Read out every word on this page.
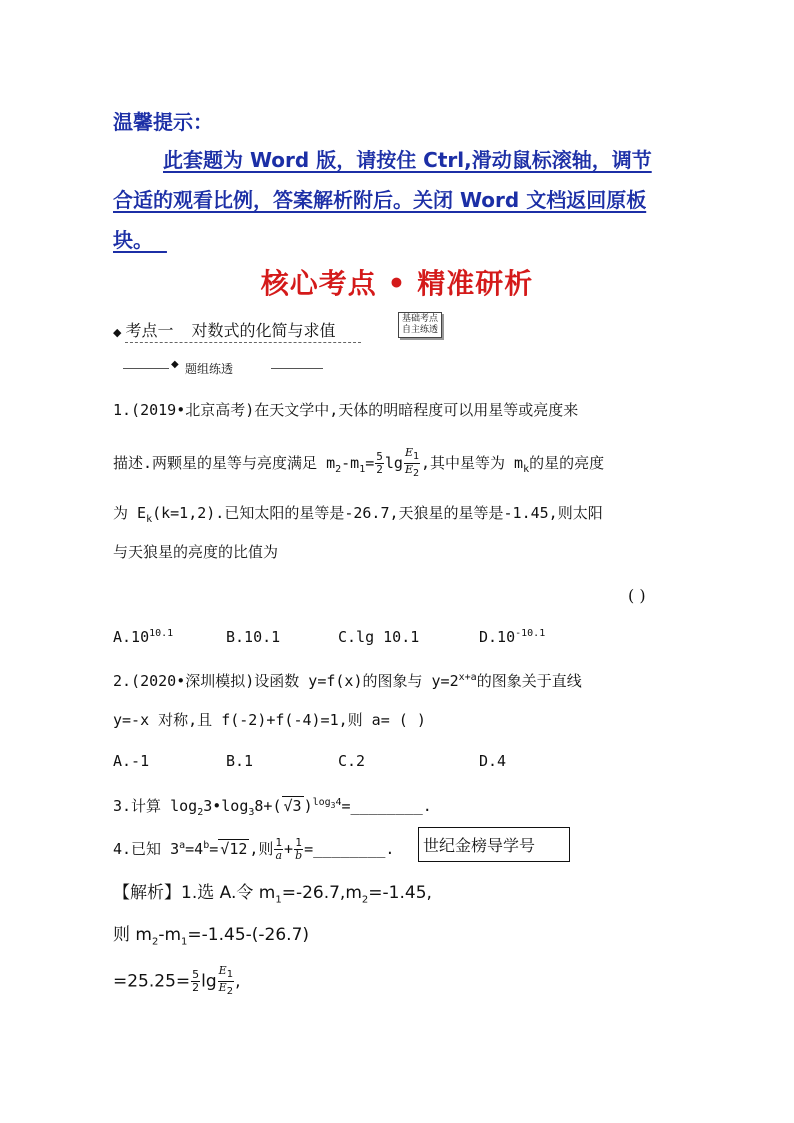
温馨提示：
此套题为 Word 版，请按住 Ctrl,滑动鼠标滚轴，调节
合适的观看比例，答案解析附后。关闭 Word 文档返回原板
块。
核心考点 • 精准研析
◆ 考点一 对数式的化简与求值
基础考点
自主练透
◆ 题组练透
1.(2019•北京高考)在天文学中,天体的明暗程度可以用星等或亮度来
描述.两颗星的星等与亮度满足 $m_2-m_1= \frac{5}{2}$ $\lg \frac{E_1}{E_2}$ ,其中星等为 $m_k$的星的亮度
为 $E_k(k=1,2)$.已知太阳的星等是-26.7,天狼星的星等是-1.45,则太阳
与天狼星的亮度的比值为
( )
$A.10^{10.1}$	B.10.1	C.lg 10.1	$D.10^{-10.1}$
2.(2020•深圳模拟)设函数 y=f(x)的图象与 $y=2^{x+a}$的图象关于直线
y=-x 对称,且 f(-2)+f(-4)=1,则 a= ( )
A.-1	B.1	C.2	D.4
3.计算 $\log_23•\log_38+$( √3 )$^{log_34}$=________.
4.已知 $3^a=4^b= √12$ ,则 $\frac{1}{a} + \frac{1}{b}$ =________.	世纪金榜导学号
【解析】1.选 A.令 $m_1=-26.7,m_2=-1.45$,
则 $m_2-m_1=-1.45-(-26.7)$
$=25.25= \frac{5}{2}$ $\lg \frac{E_1}{E_2}$ ,
